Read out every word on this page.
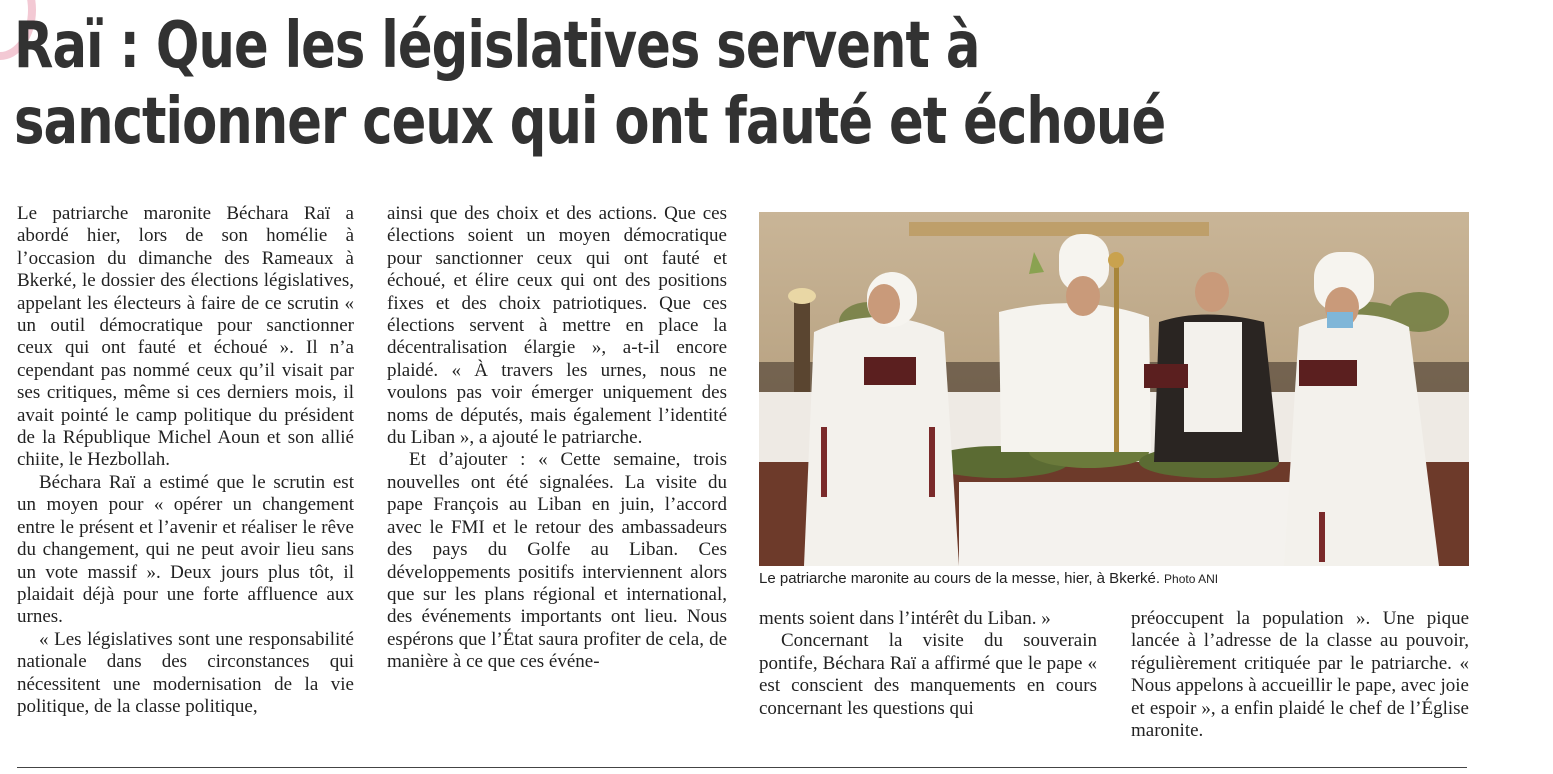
Raï : Que les législatives servent à
sanctionner ceux qui ont fauté et échoué

Le patriarche maronite Béchara Raï a abordé hier, lors de son homélie à l’occasion du dimanche des Rameaux à Bkerké, le dossier des élections législatives, appelant les électeurs à faire de ce scrutin « un outil démocratique pour sanctionner ceux qui ont fauté et échoué ». Il n’a cependant pas nommé ceux qu’il visait par ses critiques, même si ces derniers mois, il avait pointé le camp politique du président de la République Michel Aoun et son allié chiite, le Hezbollah.

Béchara Raï a estimé que le scrutin est un moyen pour « opérer un changement entre le présent et l’avenir et réaliser le rêve du changement, qui ne peut avoir lieu sans un vote massif ». Deux jours plus tôt, il plaidait déjà pour une forte affluence aux urnes.

« Les législatives sont une responsabilité nationale dans des circonstances qui nécessitent une modernisation de la vie politique, de la classe politique,

ainsi que des choix et des actions. Que ces élections soient un moyen démocratique pour sanctionner ceux qui ont fauté et échoué, et élire ceux qui ont des positions fixes et des choix patriotiques. Que ces élections servent à mettre en place la décentralisation élargie », a-t-il encore plaidé. « À travers les urnes, nous ne voulons pas voir émerger uniquement des noms de députés, mais également l’identité du Liban », a ajouté le patriarche.

Et d’ajouter : « Cette semaine, trois nouvelles ont été signalées. La visite du pape François au Liban en juin, l’accord avec le FMI et le retour des ambassadeurs des pays du Golfe au Liban. Ces développements positifs interviennent alors que sur les plans régional et international, des événements importants ont lieu. Nous espérons que l’État saura profiter de cela, de manière à ce que ces événe-

Le patriarche maronite au cours de la messe, hier, à Bkerké. Photo ANI

ments soient dans l’intérêt du Liban. »

Concernant la visite du souverain pontife, Béchara Raï a affirmé que le pape « est conscient des manquements en cours concernant les questions qui

préoccupent la population ». Une pique lancée à l’adresse de la classe au pouvoir, régulièrement critiquée par le patriarche. « Nous appelons à accueillir le pape, avec joie et espoir », a enfin plaidé le chef de l’Église maronite.
